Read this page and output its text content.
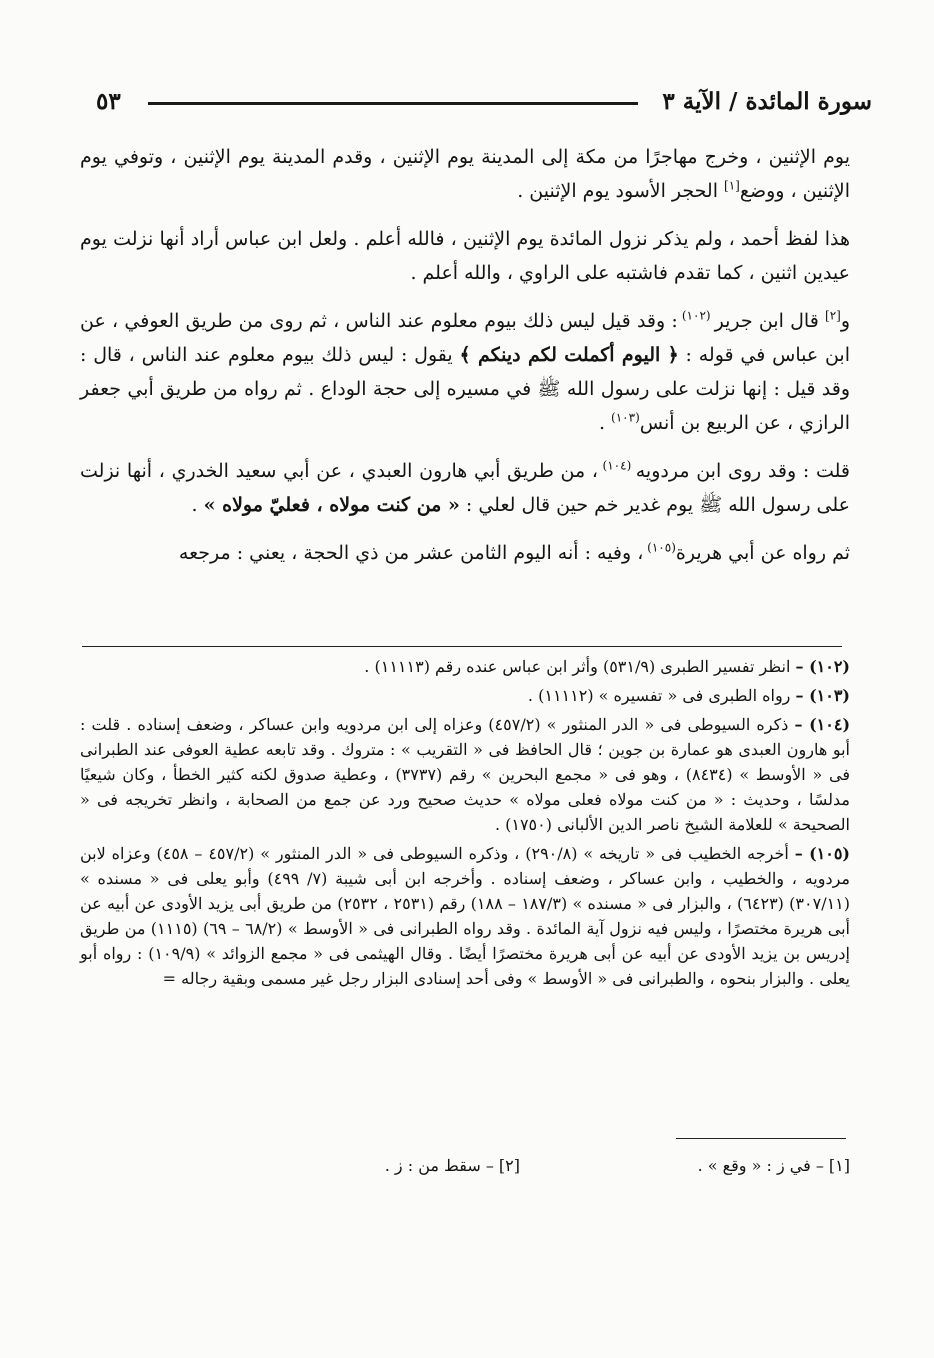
سورة المائدة / الآية ٣
٥٣

يوم الإثنين ، وخرج مهاجرًا من مكة إلى المدينة يوم الإثنين ، وقدم المدينة يوم الإثنين ، وتوفي يوم الإثنين ، ووضع[١] الحجر الأسود يوم الإثنين .

هذا لفظ أحمد ، ولم يذكر نزول المائدة يوم الإثنين ، فالله أعلم . ولعل ابن عباس أراد أنها نزلت يوم عيدين اثنين ، كما تقدم فاشتبه على الراوي ، والله أعلم .

و[٢] قال ابن جرير $^{(١٠٢)}$ : وقد قيل ليس ذلك بيوم معلوم عند الناس ، ثم روى من طريق العوفي ، عن ابن عباس في قوله : ﴿ اليوم أكملت لكم دينكم ﴾ يقول : ليس ذلك بيوم معلوم عند الناس ، قال : وقد قيل : إنها نزلت على رسول الله ﷺ في مسيره إلى حجة الوداع . ثم رواه من طريق أبي جعفر الرازي ، عن الربيع بن أنس$^{(١٠٣)}$ .

قلت : وقد روى ابن مردويه $^{(١٠٤)}$ ، من طريق أبي هارون العبدي ، عن أبي سعيد الخدري ، أنها نزلت على رسول الله ﷺ يوم غدير خم حين قال لعلي : « من كنت مولاه ، فعليّ مولاه » .

ثم رواه عن أبي هريرة$^{(١٠٥)}$ ، وفيه : أنه اليوم الثامن عشر من ذي الحجة ، يعني : مرجعه

(١٠٢) – انظر تفسير الطبرى (٥٣١/٩) وأثر ابن عباس عنده رقم (١١١١٣) .

(١٠٣) – رواه الطبرى فى « تفسيره » (١١١١٢) .

(١٠٤) – ذكره السيوطى فى « الدر المنثور » (٤٥٧/٢) وعزاه إلى ابن مردويه وابن عساكر ، وضعف إسناده . قلت : أبو هارون العبدى هو عمارة بن جوين ؛ قال الحافظ فى « التقريب » : متروك . وقد تابعه عطية العوفى عند الطبرانى فى « الأوسط » (٨٤٣٤) ، وهو فى « مجمع البحرين » رقم (٣٧٣٧) ، وعطية صدوق لكنه كثير الخطأ ، وكان شيعيًا مدلسًا ، وحديث : « من كنت مولاه فعلى مولاه » حديث صحيح ورد عن جمع من الصحابة ، وانظر تخريجه فى « الصحيحة » للعلامة الشيخ ناصر الدين الألبانى (١٧٥٠) .

(١٠٥) – أخرجه الخطيب فى « تاريخه » (٢٩٠/٨) ، وذكره السيوطى فى « الدر المنثور » (٤٥٧/٢ – ٤٥٨) وعزاه لابن مردويه ، والخطيب ، وابن عساكر ، وضعف إسناده . وأخرجه ابن أبى شيبة (٧/ ٤٩٩) وأبو يعلى فى « مسنده » (٣٠٧/١١) (٦٤٢٣) ، والبزار فى « مسنده » (١٨٧/٣ – ١٨٨) رقم (٢٥٣١ ، ٢٥٣٢) من طريق أبى يزيد الأودى عن أبيه عن أبى هريرة مختصرًا ، وليس فيه نزول آية المائدة . وقد رواه الطبرانى فى « الأوسط » (٦٨/٢ – ٦٩) (١١١٥) من طريق إدريس بن يزيد الأودى عن أبيه عن أبى هريرة مختصرًا أيضًا . وقال الهيثمى فى « مجمع الزوائد » (١٠٩/٩) : رواه أبو يعلى . والبزار بنحوه ، والطبرانى فى « الأوسط » وفى أحد إسنادى البزار رجل غير مسمى وبقية رجاله =

[١] – في ز : « وقع » .
[٢] – سقط من : ز .
